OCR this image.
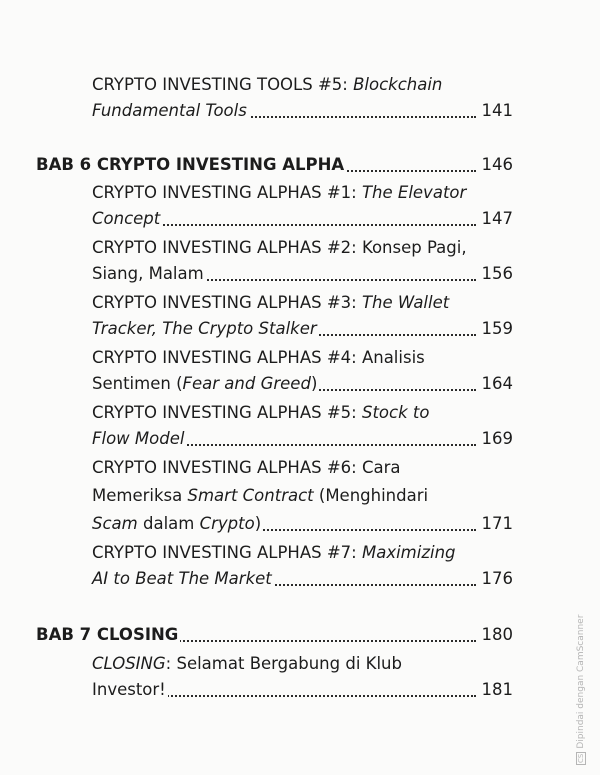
CRYPTO INVESTING TOOLS #5: Blockchain
Fundamental Tools	141
BAB 6 CRYPTO INVESTING ALPHA	146
CRYPTO INVESTING ALPHAS #1: The Elevator
Concept	147
CRYPTO INVESTING ALPHAS #2: Konsep Pagi,
Siang, Malam	156
CRYPTO INVESTING ALPHAS #3: The Wallet
Tracker, The Crypto Stalker	159
CRYPTO INVESTING ALPHAS #4: Analisis
Sentimen (Fear and Greed)	164
CRYPTO INVESTING ALPHAS #5: Stock to
Flow Model	169
CRYPTO INVESTING ALPHAS #6: Cara
Memeriksa Smart Contract (Menghindari
Scam dalam Crypto)	171
CRYPTO INVESTING ALPHAS #7: Maximizing
AI to Beat The Market	176
BAB 7 CLOSING	180
CLOSING: Selamat Bergabung di Klub
Investor!	181
CSDipindai dengan CamScanner
